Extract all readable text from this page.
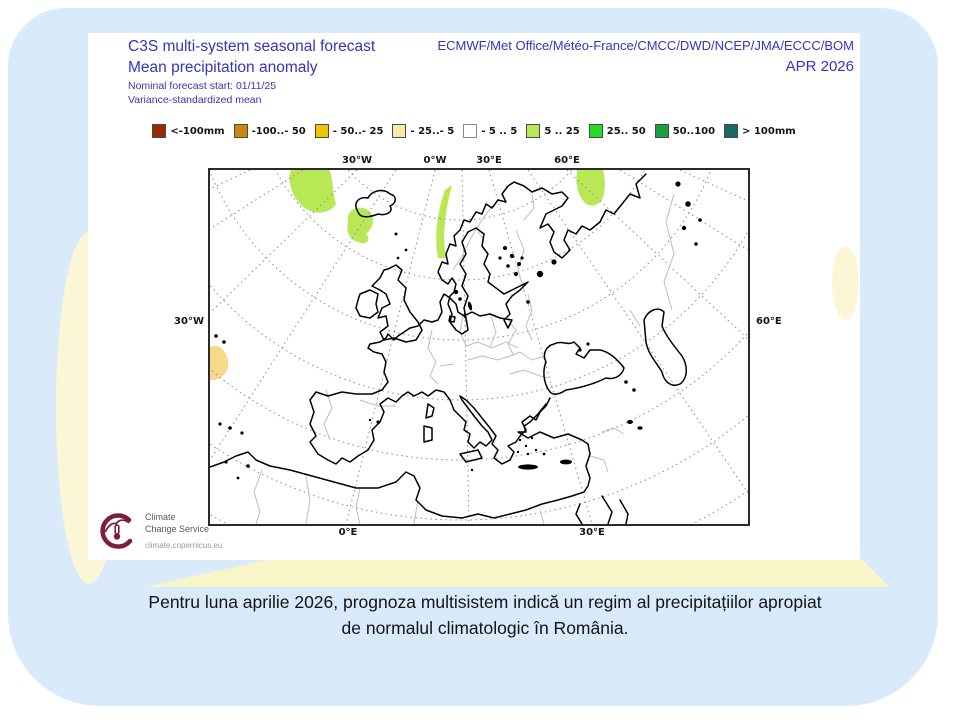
C3S multi-system seasonal forecast
Mean precipitation anomaly
Nominal forecast start: 01/11/25
Variance-standardized mean
ECMWF/Met Office/Météo-France/CMCC/DWD/NCEP/JMA/ECCC/BOM
APR 2026
<-100mm	-100..- 50	- 50..- 25	- 25..- 5	- 5 .. 5	5 .. 25	25.. 50	50..100	> 100mm
30°W	0°W	30°E	60°E
30°W	60°E
0°E	30°E
Climate
Change Service
climate.copernicus.eu
Pentru luna aprilie 2026, prognoza multisistem indică un regim al precipitațiilor apropiat
de normalul climatologic în România.
